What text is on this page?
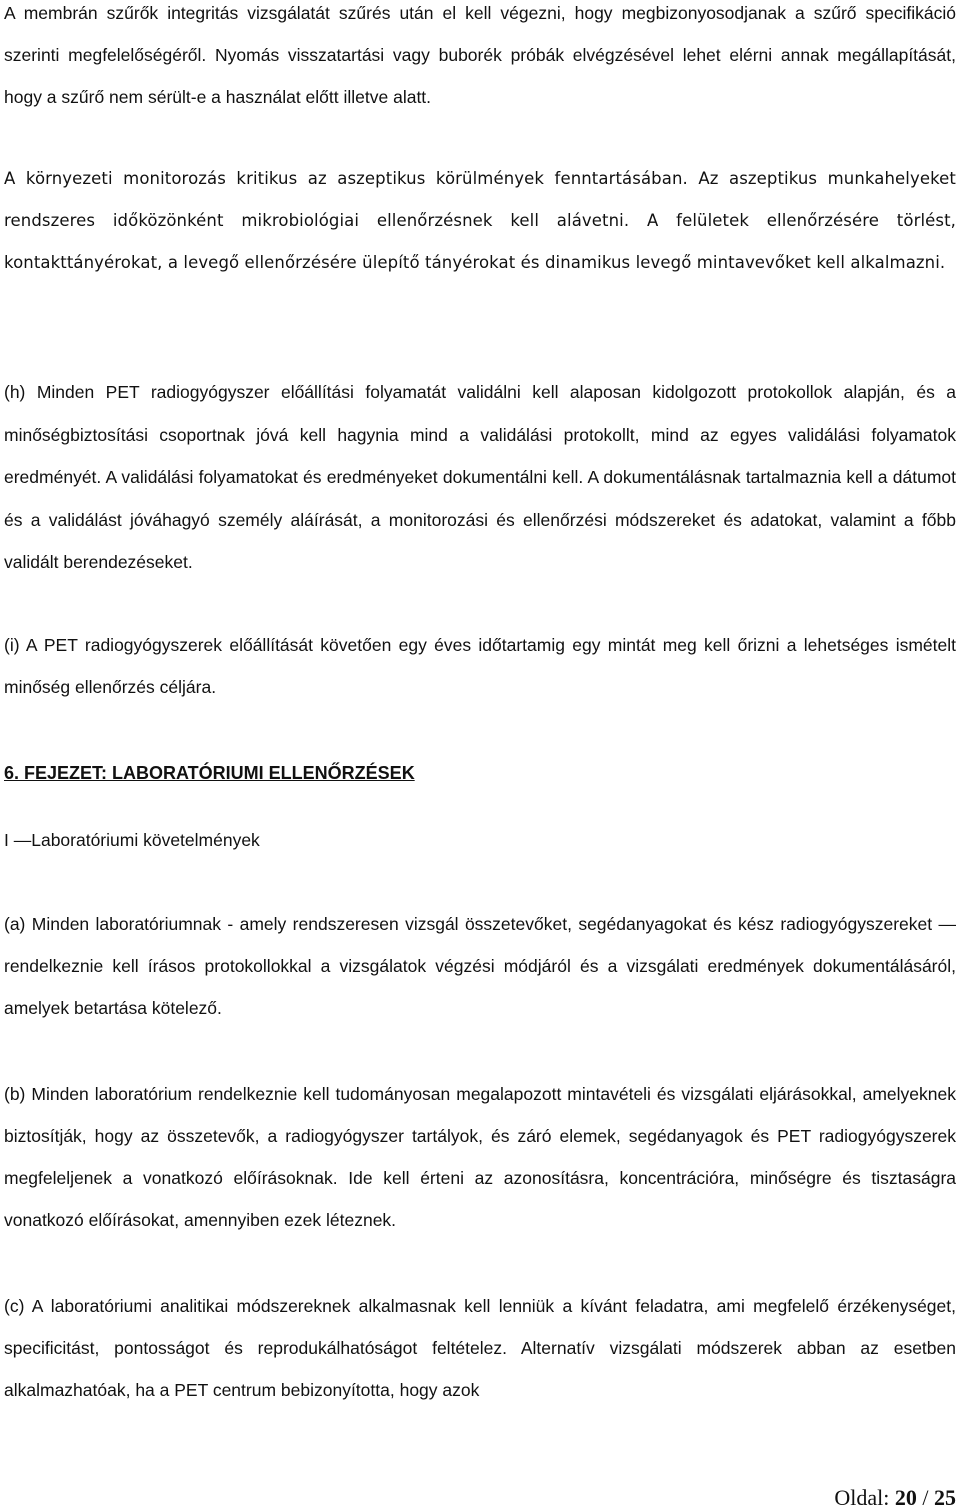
A membrán szűrők integritás vizsgálatát szűrés után el kell végezni, hogy megbizonyosodjanak a szűrő specifikáció szerinti megfelelőségéről. Nyomás visszatartási vagy buborék próbák elvégzésével lehet elérni annak megállapítását, hogy a szűrő nem sérült-e a használat előtt illetve alatt.

A környezeti monitorozás kritikus az aszeptikus körülmények fenntartásában. Az aszeptikus munkahelyeket rendszeres időközönként mikrobiológiai ellenőrzésnek kell alávetni. A felületek ellenőrzésére törlést, kontakttányérokat, a levegő ellenőrzésére ülepítő tányérokat és dinamikus levegő mintavevőket kell alkalmazni.

(h) Minden PET radiogyógyszer előállítási folyamatát validálni kell alaposan kidolgozott protokollok alapján, és a minőségbiztosítási csoportnak jóvá kell hagynia mind a validálási protokollt, mind az egyes validálási folyamatok eredményét. A validálási folyamatokat és eredményeket dokumentálni kell. A dokumentálásnak tartalmaznia kell a dátumot és a validálást jóváhagyó személy aláírását, a monitorozási és ellenőrzési módszereket és adatokat, valamint a főbb validált berendezéseket.

(i) A PET radiogyógyszerek előállítását követően egy éves időtartamig egy mintát meg kell őrizni a lehetséges ismételt minőség ellenőrzés céljára.

6. FEJEZET: LABORATÓRIUMI ELLENŐRZÉSEK
I —Laboratóriumi követelmények

(a) Minden laboratóriumnak - amely rendszeresen vizsgál összetevőket, segédanyagokat és kész radiogyógyszereket — rendelkeznie kell írásos protokollokkal a vizsgálatok végzési módjáról és a vizsgálati eredmények dokumentálásáról, amelyek betartása kötelező.

(b) Minden laboratórium rendelkeznie kell tudományosan megalapozott mintavételi és vizsgálati eljárásokkal, amelyeknek biztosítják, hogy az összetevők, a radiogyógyszer tartályok, és záró elemek, segédanyagok és PET radiogyógyszerek megfeleljenek a vonatkozó előírásoknak. Ide kell érteni az azonosításra, koncentrációra, minőségre és tisztaságra vonatkozó előírásokat, amennyiben ezek léteznek.

(c) A laboratóriumi analitikai módszereknek alkalmasnak kell lenniük a kívánt feladatra, ami megfelelő érzékenységet, specificitást, pontosságot és reprodukálhatóságot feltételez. Alternatív vizsgálati módszerek abban az esetben alkalmazhatóak, ha a PET centrum bebizonyította, hogy azok

Oldal: 20 / 25
